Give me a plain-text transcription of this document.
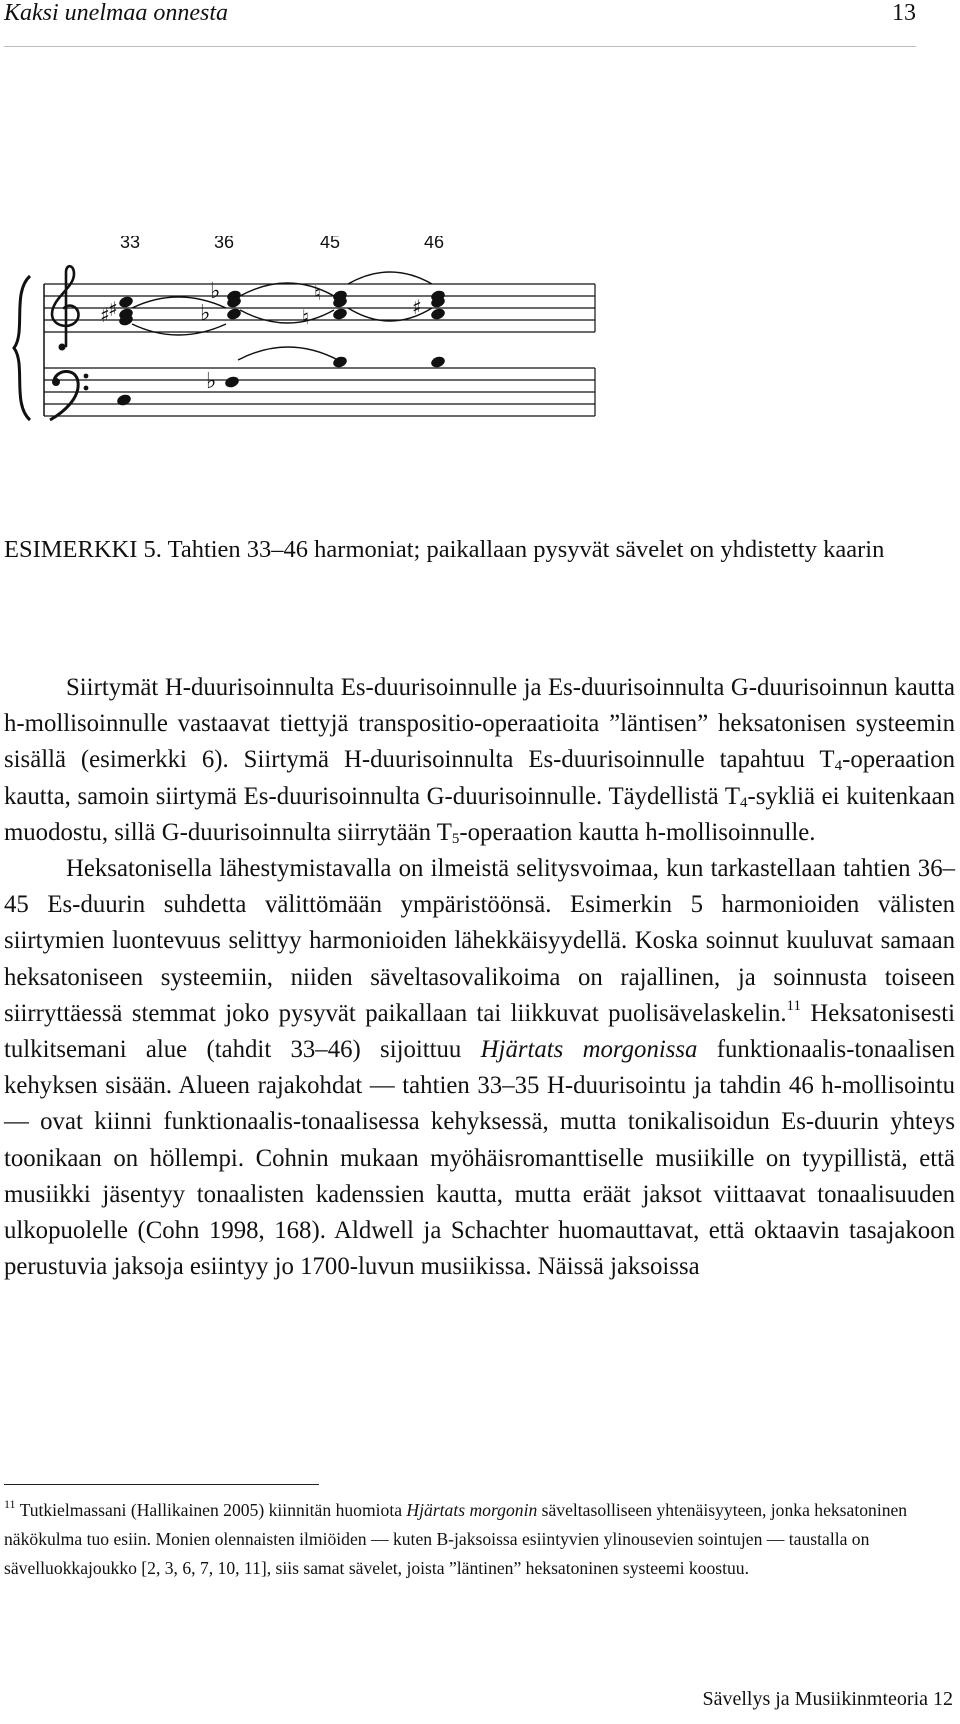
Kaksi unelmaa onnesta	13
33	36	45	46
♯
♯
♭
♭
♮
♮	♯
♭
ESIMERKKI 5. Tahtien 33–46 harmoniat; paikallaan pysyvät sävelet on yhdistetty kaarin

Siirtymät H-duurisoinnulta Es-duurisoinnulle ja Es-duurisoinnulta G-duurisoinnun kautta h-mollisoinnulle vastaavat tiettyjä transpositio-operaatioita ”läntisen” heksatonisen systeemin sisällä (esimerkki 6). Siirtymä H-duurisoinnulta Es-duurisoinnulle tapahtuu $T_4$-operaation kautta, samoin siirtymä Es-duurisoinnulta G-duurisoinnulle. Täydellistä $T_4$-sykliä ei kuitenkaan muodostu, sillä G-duurisoinnulta siirrytään $T_5$-operaation kautta h-mollisoinnulle.

Heksatonisella lähestymistavalla on ilmeistä selitysvoimaa, kun tarkastellaan tahtien 36–45 Es-duurin suhdetta välittömään ympäristöönsä. Esimerkin 5 harmonioiden välisten siirtymien luontevuus selittyy harmonioiden lähekkäisyydellä. Koska soinnut kuuluvat samaan heksatoniseen systeemiin, niiden säveltasovalikoima on rajallinen, ja soinnusta toiseen siirryttäessä stemmat joko pysyvät paikallaan tai liikkuvat puolisävelaskelin.$^{11}$ Heksatonisesti tulkitsemani alue (tahdit 33–46) sijoittuu Hjärtats morgonissa funktionaalis-tonaalisen kehyksen sisään. Alueen rajakohdat — tahtien 33–35 H-duurisointu ja tahdin 46 h-mollisointu — ovat kiinni funktionaalis-tonaalisessa kehyksessä, mutta tonikalisoidun Es-duurin yhteys toonikaan on höllempi. Cohnin mukaan myöhäisromanttiselle musiikille on tyypillistä, että musiikki jäsentyy tonaalisten kadenssien kautta, mutta eräät jaksot viittaavat tonaalisuuden ulkopuolelle (Cohn 1998, 168). Aldwell ja Schachter huomauttavat, että oktaavin tasajakoon perustuvia jaksoja esiintyy jo 1700-luvun musiikissa. Näissä jaksoissa

$^{11}$ Tutkielmassani (Hallikainen 2005) kiinnitän huomiota Hjärtats morgonin säveltasolliseen yhtenäisyyteen, jonka heksatoninen näkökulma tuo esiin. Monien olennaisten ilmiöiden — kuten B-jaksoissa esiintyvien ylinousevien sointujen — taustalla on sävelluokkajoukko [2, 3, 6, 7, 10, 11], siis samat sävelet, joista ”läntinen” heksatoninen systeemi koostuu.
Sävellys ja Musiikinmteoria 12
